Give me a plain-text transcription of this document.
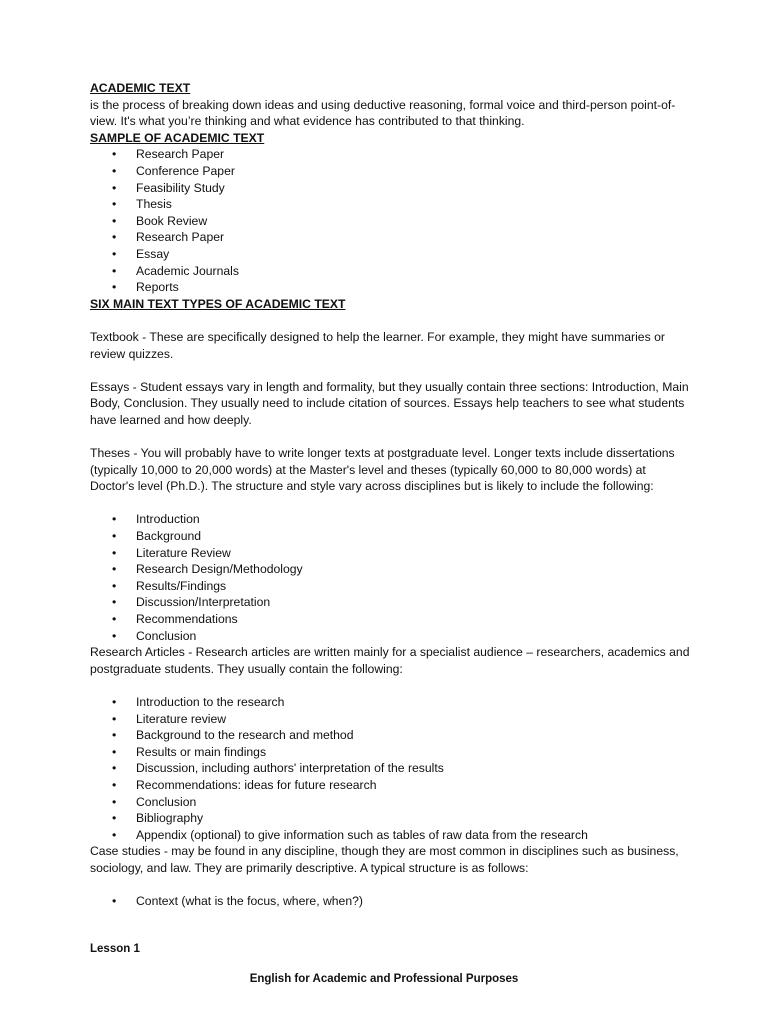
ACADEMIC TEXT

is the process of breaking down ideas and using deductive reasoning, formal voice and third-person point-of-view. It's what you’re thinking and what evidence has contributed to that thinking.

SAMPLE OF ACADEMIC TEXT
• Research Paper
• Conference Paper
• Feasibility Study
• Thesis
• Book Review
• Research Paper
• Essay
• Academic Journals
• Reports
SIX MAIN TEXT TYPES OF ACADEMIC TEXT

Textbook - These are specifically designed to help the learner. For example, they might have summaries or review quizzes.

Essays - Student essays vary in length and formality, but they usually contain three sections: Introduction, Main Body, Conclusion. They usually need to include citation of sources. Essays help teachers to see what students have learned and how deeply.

Theses - You will probably have to write longer texts at postgraduate level. Longer texts include dissertations (typically 10,000 to 20,000 words) at the Master's level and theses (typically 60,000 to 80,000 words) at Doctor's level (Ph.D.). The structure and style vary across disciplines but is likely to include the following:

• Introduction
• Background
• Literature Review
• Research Design/Methodology
• Results/Findings
• Discussion/Interpretation
• Recommendations
• Conclusion

Research Articles - Research articles are written mainly for a specialist audience – researchers, academics and postgraduate students. They usually contain the following:

• Introduction to the research
• Literature review
• Background to the research and method
• Results or main findings
• Discussion, including authors' interpretation of the results
• Recommendations: ideas for future research
• Conclusion
• Bibliography
• Appendix (optional) to give information such as tables of raw data from the research

Case studies - may be found in any discipline, though they are most common in disciplines such as business, sociology, and law. They are primarily descriptive. A typical structure is as follows:

• Context (what is the focus, where, when?)
Lesson 1
English for Academic and Professional Purposes
